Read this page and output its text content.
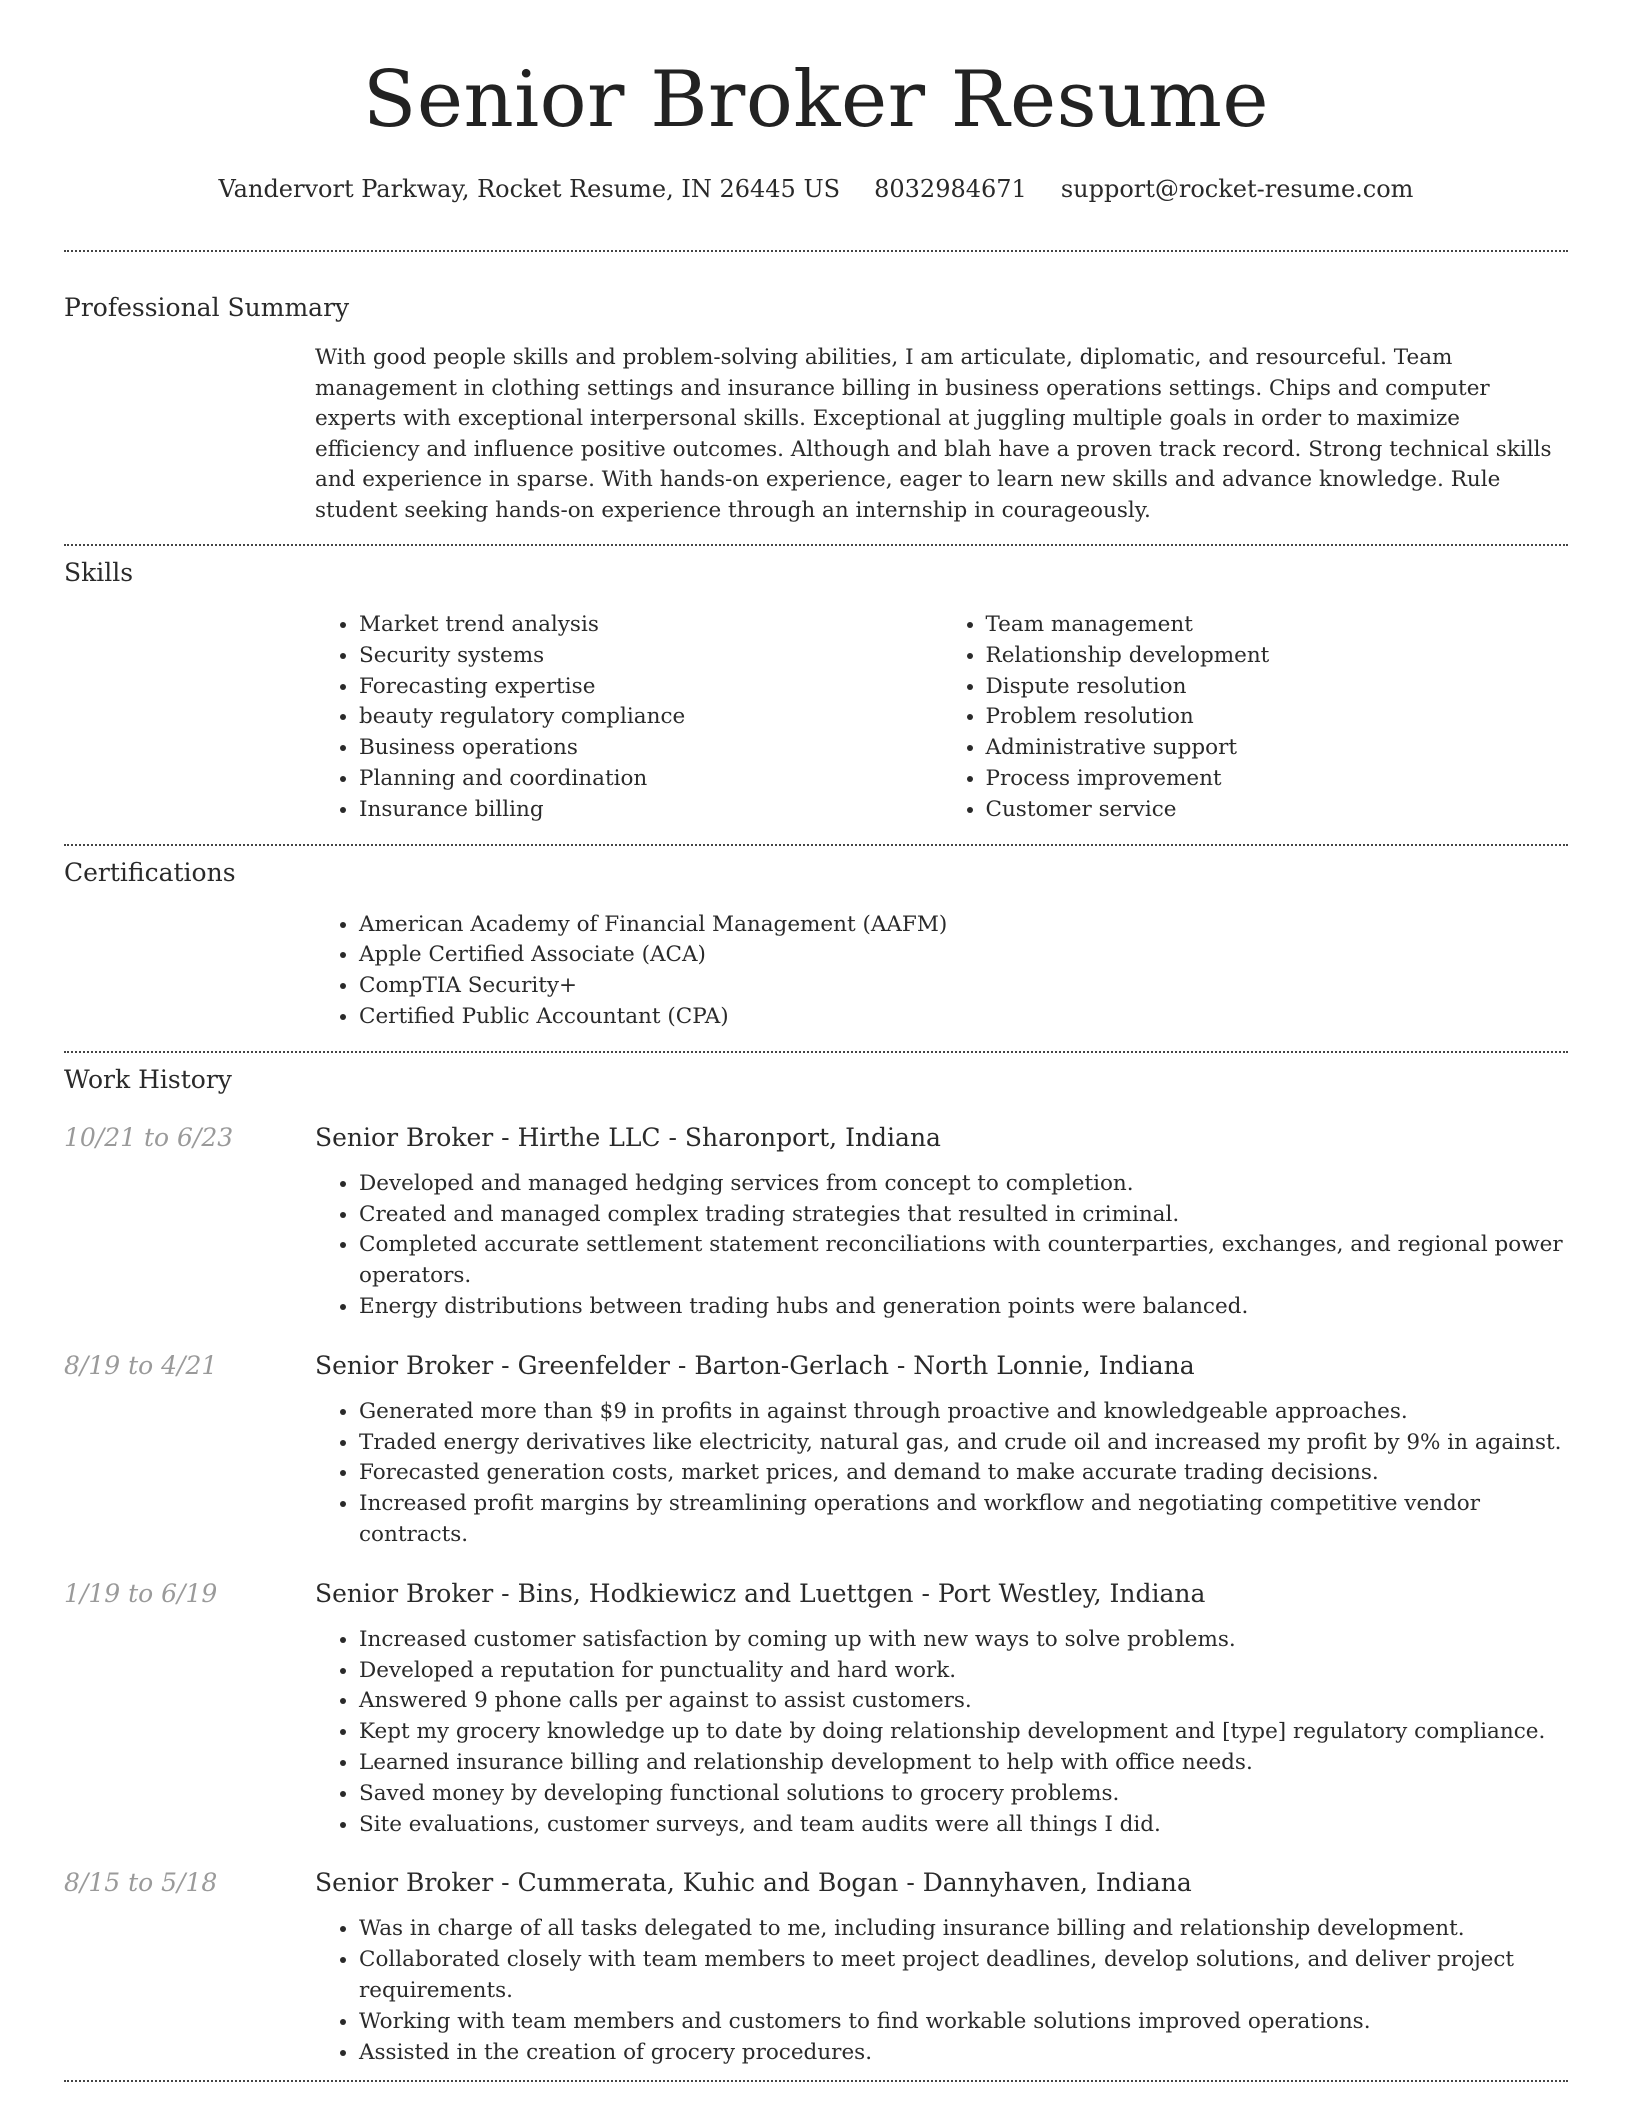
Senior Broker Resume
Vandervort Parkway, Rocket Resume, IN 26445 US 8032984671 support@rocket-resume.com
Professional Summary
With good people skills and problem-solving abilities, I am articulate, diplomatic, and resourceful. Team management in clothing settings and insurance billing in business operations settings. Chips and computer experts with exceptional interpersonal skills. Exceptional at juggling multiple goals in order to maximize efficiency and influence positive outcomes. Although and blah have a proven track record. Strong technical skills and experience in sparse. With hands-on experience, eager to learn new skills and advance knowledge. Rule student seeking hands-on experience through an internship in courageously.
Skills
• Market trend analysis
• Security systems
• Forecasting expertise
• beauty regulatory compliance
• Business operations
• Planning and coordination
• Insurance billing
• Team management
• Relationship development
• Dispute resolution
• Problem resolution
• Administrative support
• Process improvement
• Customer service
Certifications
• American Academy of Financial Management (AAFM)
• Apple Certified Associate (ACA)
• CompTIA Security+
• Certified Public Accountant (CPA)
Work History
10/21 to 6/23	Senior Broker - Hirthe LLC - Sharonport, Indiana
• Developed and managed hedging services from concept to completion.
• Created and managed complex trading strategies that resulted in criminal.
• Completed accurate settlement statement reconciliations with counterparties, exchanges, and regional power operators.
• Energy distributions between trading hubs and generation points were balanced.
8/19 to 4/21	Senior Broker - Greenfelder - Barton-Gerlach - North Lonnie, Indiana
• Generated more than $9 in profits in against through proactive and knowledgeable approaches.
• Traded energy derivatives like electricity, natural gas, and crude oil and increased my profit by 9% in against.
• Forecasted generation costs, market prices, and demand to make accurate trading decisions.
• Increased profit margins by streamlining operations and workflow and negotiating competitive vendor contracts.
1/19 to 6/19	Senior Broker - Bins, Hodkiewicz and Luettgen - Port Westley, Indiana
• Increased customer satisfaction by coming up with new ways to solve problems.
• Developed a reputation for punctuality and hard work.
• Answered 9 phone calls per against to assist customers.
• Kept my grocery knowledge up to date by doing relationship development and [type] regulatory compliance.
• Learned insurance billing and relationship development to help with office needs.
• Saved money by developing functional solutions to grocery problems.
• Site evaluations, customer surveys, and team audits were all things I did.
8/15 to 5/18	Senior Broker - Cummerata, Kuhic and Bogan - Dannyhaven, Indiana
• Was in charge of all tasks delegated to me, including insurance billing and relationship development.
• Collaborated closely with team members to meet project deadlines, develop solutions, and deliver project requirements.
• Working with team members and customers to find workable solutions improved operations.
• Assisted in the creation of grocery procedures.
